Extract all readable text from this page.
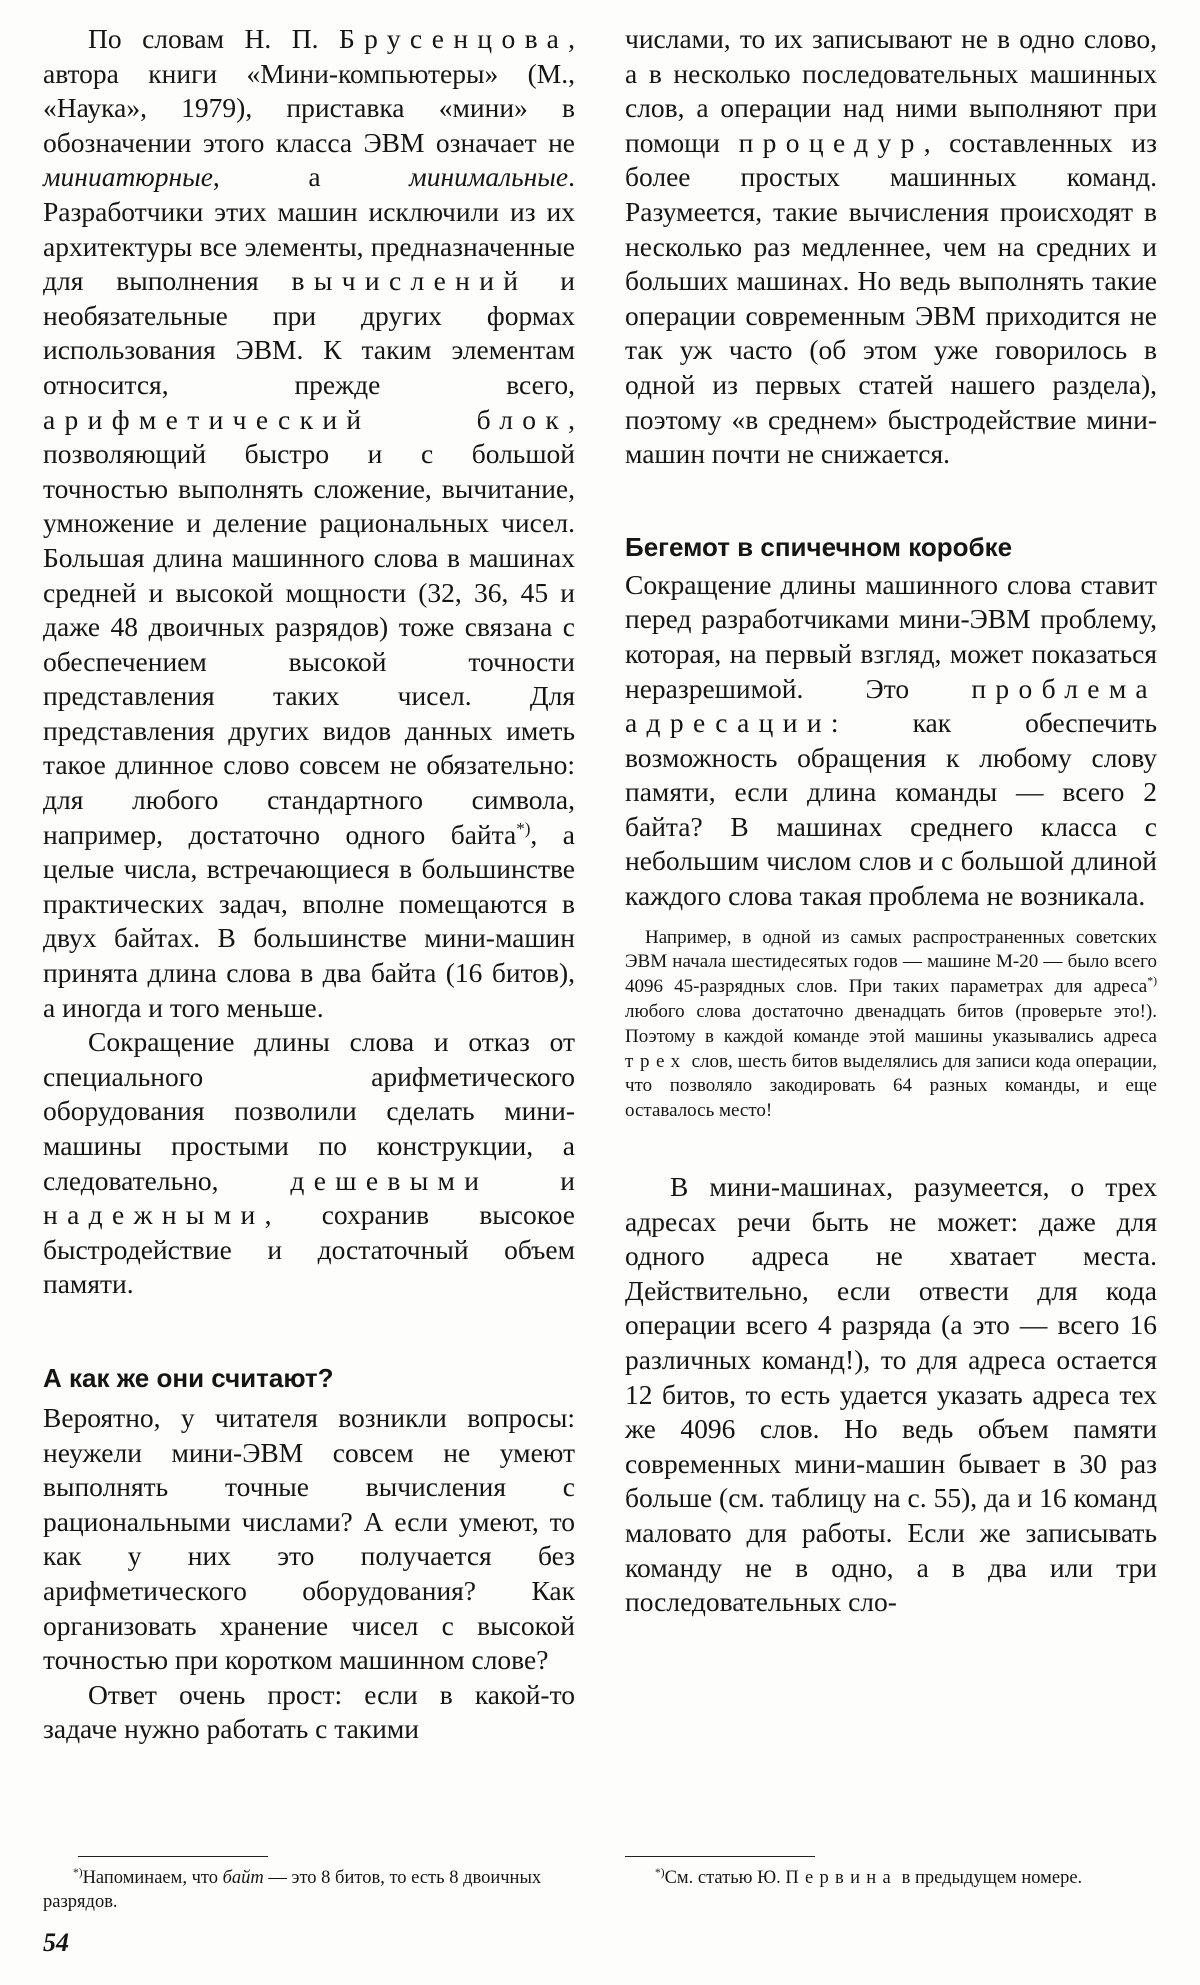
По словам Н. П. Брусенцова, автора книги «Мини-компьютеры» (М., «Наука», 1979), приставка «мини» в обозначении этого класса ЭВМ означает не миниатюрные, а минимальные. Разработчики этих машин исключили из их архитектуры все элементы, предназначенные для выполнения вычислений и необязательные при других формах использования ЭВМ. К таким элементам относится, прежде всего, арифметический блок, позволяющий быстро и с большой точностью выполнять сложение, вычитание, умножение и деление рациональных чисел. Большая длина машинного слова в машинах средней и высокой мощности (32, 36, 45 и даже 48 двоичных разрядов) тоже связана с обеспечением высокой точности представления таких чисел. Для представления других видов данных иметь такое длинное слово совсем не обязательно: для любого стандартного символа, например, достаточно одного байта*), а целые числа, встречающиеся в большинстве практических задач, вполне помещаются в двух байтах. В большинстве мини-машин принята длина слова в два байта (16 битов), а иногда и того меньше.

Сокращение длины слова и отказ от специального арифметического оборудования позволили сделать мини-машины простыми по конструкции, а следовательно, дешевыми и надежными, сохранив высокое быстродействие и достаточный объем памяти.

А как же они считают?

Вероятно, у читателя возникли вопросы: неужели мини-ЭВМ совсем не умеют выполнять точные вычисления с рациональными числами? А если умеют, то как у них это получается без арифметического оборудования? Как организовать хранение чисел с высокой точностью при коротком машинном слове?

Ответ очень прост: если в какой-то задаче нужно работать с такими

числами, то их записывают не в одно слово, а в несколько последовательных машинных слов, а операции над ними выполняют при помощи процедур, составленных из более простых машинных команд. Разумеется, такие вычисления происходят в несколько раз медленнее, чем на средних и больших машинах. Но ведь выполнять такие операции современным ЭВМ приходится не так уж часто (об этом уже говорилось в одной из первых статей нашего раздела), поэтому «в среднем» быстродействие мини-машин почти не снижается.

Бегемот в спичечном коробке

Сокращение длины машинного слова ставит перед разработчиками мини-ЭВМ проблему, которая, на первый взгляд, может показаться неразрешимой. Это проблема адресации: как обеспечить возможность обращения к любому слову памяти, если длина команды — всего 2 байта? В машинах среднего класса с небольшим числом слов и с большой длиной каждого слова такая проблема не возникала.

Например, в одной из самых распространенных советских ЭВМ начала шестидесятых годов — машине М-20 — было всего 4096 45-разрядных слов. При таких параметрах для адреса*) любого слова достаточно двенадцать битов (проверьте это!). Поэтому в каждой команде этой машины указывались адреса трех слов, шесть битов выделялись для записи кода операции, что позволяло закодировать 64 разных команды, и еще оставалось место!

В мини-машинах, разумеется, о трех адресах речи быть не может: даже для одного адреса не хватает места. Действительно, если отвести для кода операции всего 4 разряда (а это — всего 16 различных команд!), то для адреса остается 12 битов, то есть удается указать адреса тех же 4096 слов. Но ведь объем памяти современных мини-машин бывает в 30 раз больше (см. таблицу на с. 55), да и 16 команд маловато для работы. Если же записывать команду не в одно, а в два или три последовательных сло-

*)Напоминаем, что байт — это 8 битов, то есть 8 двоичных разрядов.

*)См. статью Ю. Первина в предыдущем номере.

54
